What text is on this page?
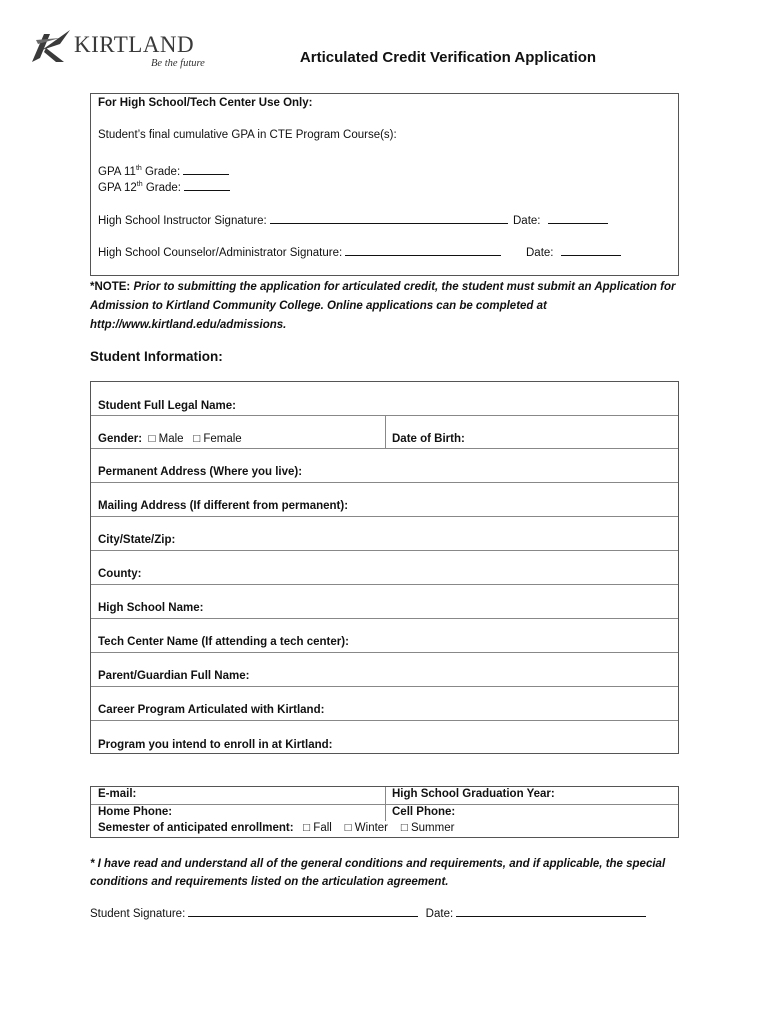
KIRTLAND
Be the future	Articulated Credit Verification Application
For High School/Tech Center Use Only:
Student’s final cumulative GPA in CTE Program Course(s):
GPA 11th Grade:
GPA 12th Grade:
High School Instructor Signature:	Date:
High School Counselor/Administrator Signature:	Date:
*NOTE: Prior to submitting the application for articulated credit, the student must submit an Application for Admission to Kirtland Community College. Online applications can be completed at http://www.kirtland.edu/admissions.
Student Information:
Student Full Legal Name:
Gender: □ Male □ Female	Date of Birth:
Permanent Address (Where you live):
Mailing Address (If different from permanent):
City/State/Zip:
County:
High School Name:
Tech Center Name (If attending a tech center):
Parent/Guardian Full Name:
Career Program Articulated with Kirtland:
Program you intend to enroll in at Kirtland:
E-mail:	High School Graduation Year:
Home Phone:	Cell Phone:
Semester of anticipated enrollment: □ Fall □ Winter □ Summer
* I have read and understand all of the general conditions and requirements, and if applicable, the special conditions and requirements listed on the articulation agreement.
Student Signature:	Date:
